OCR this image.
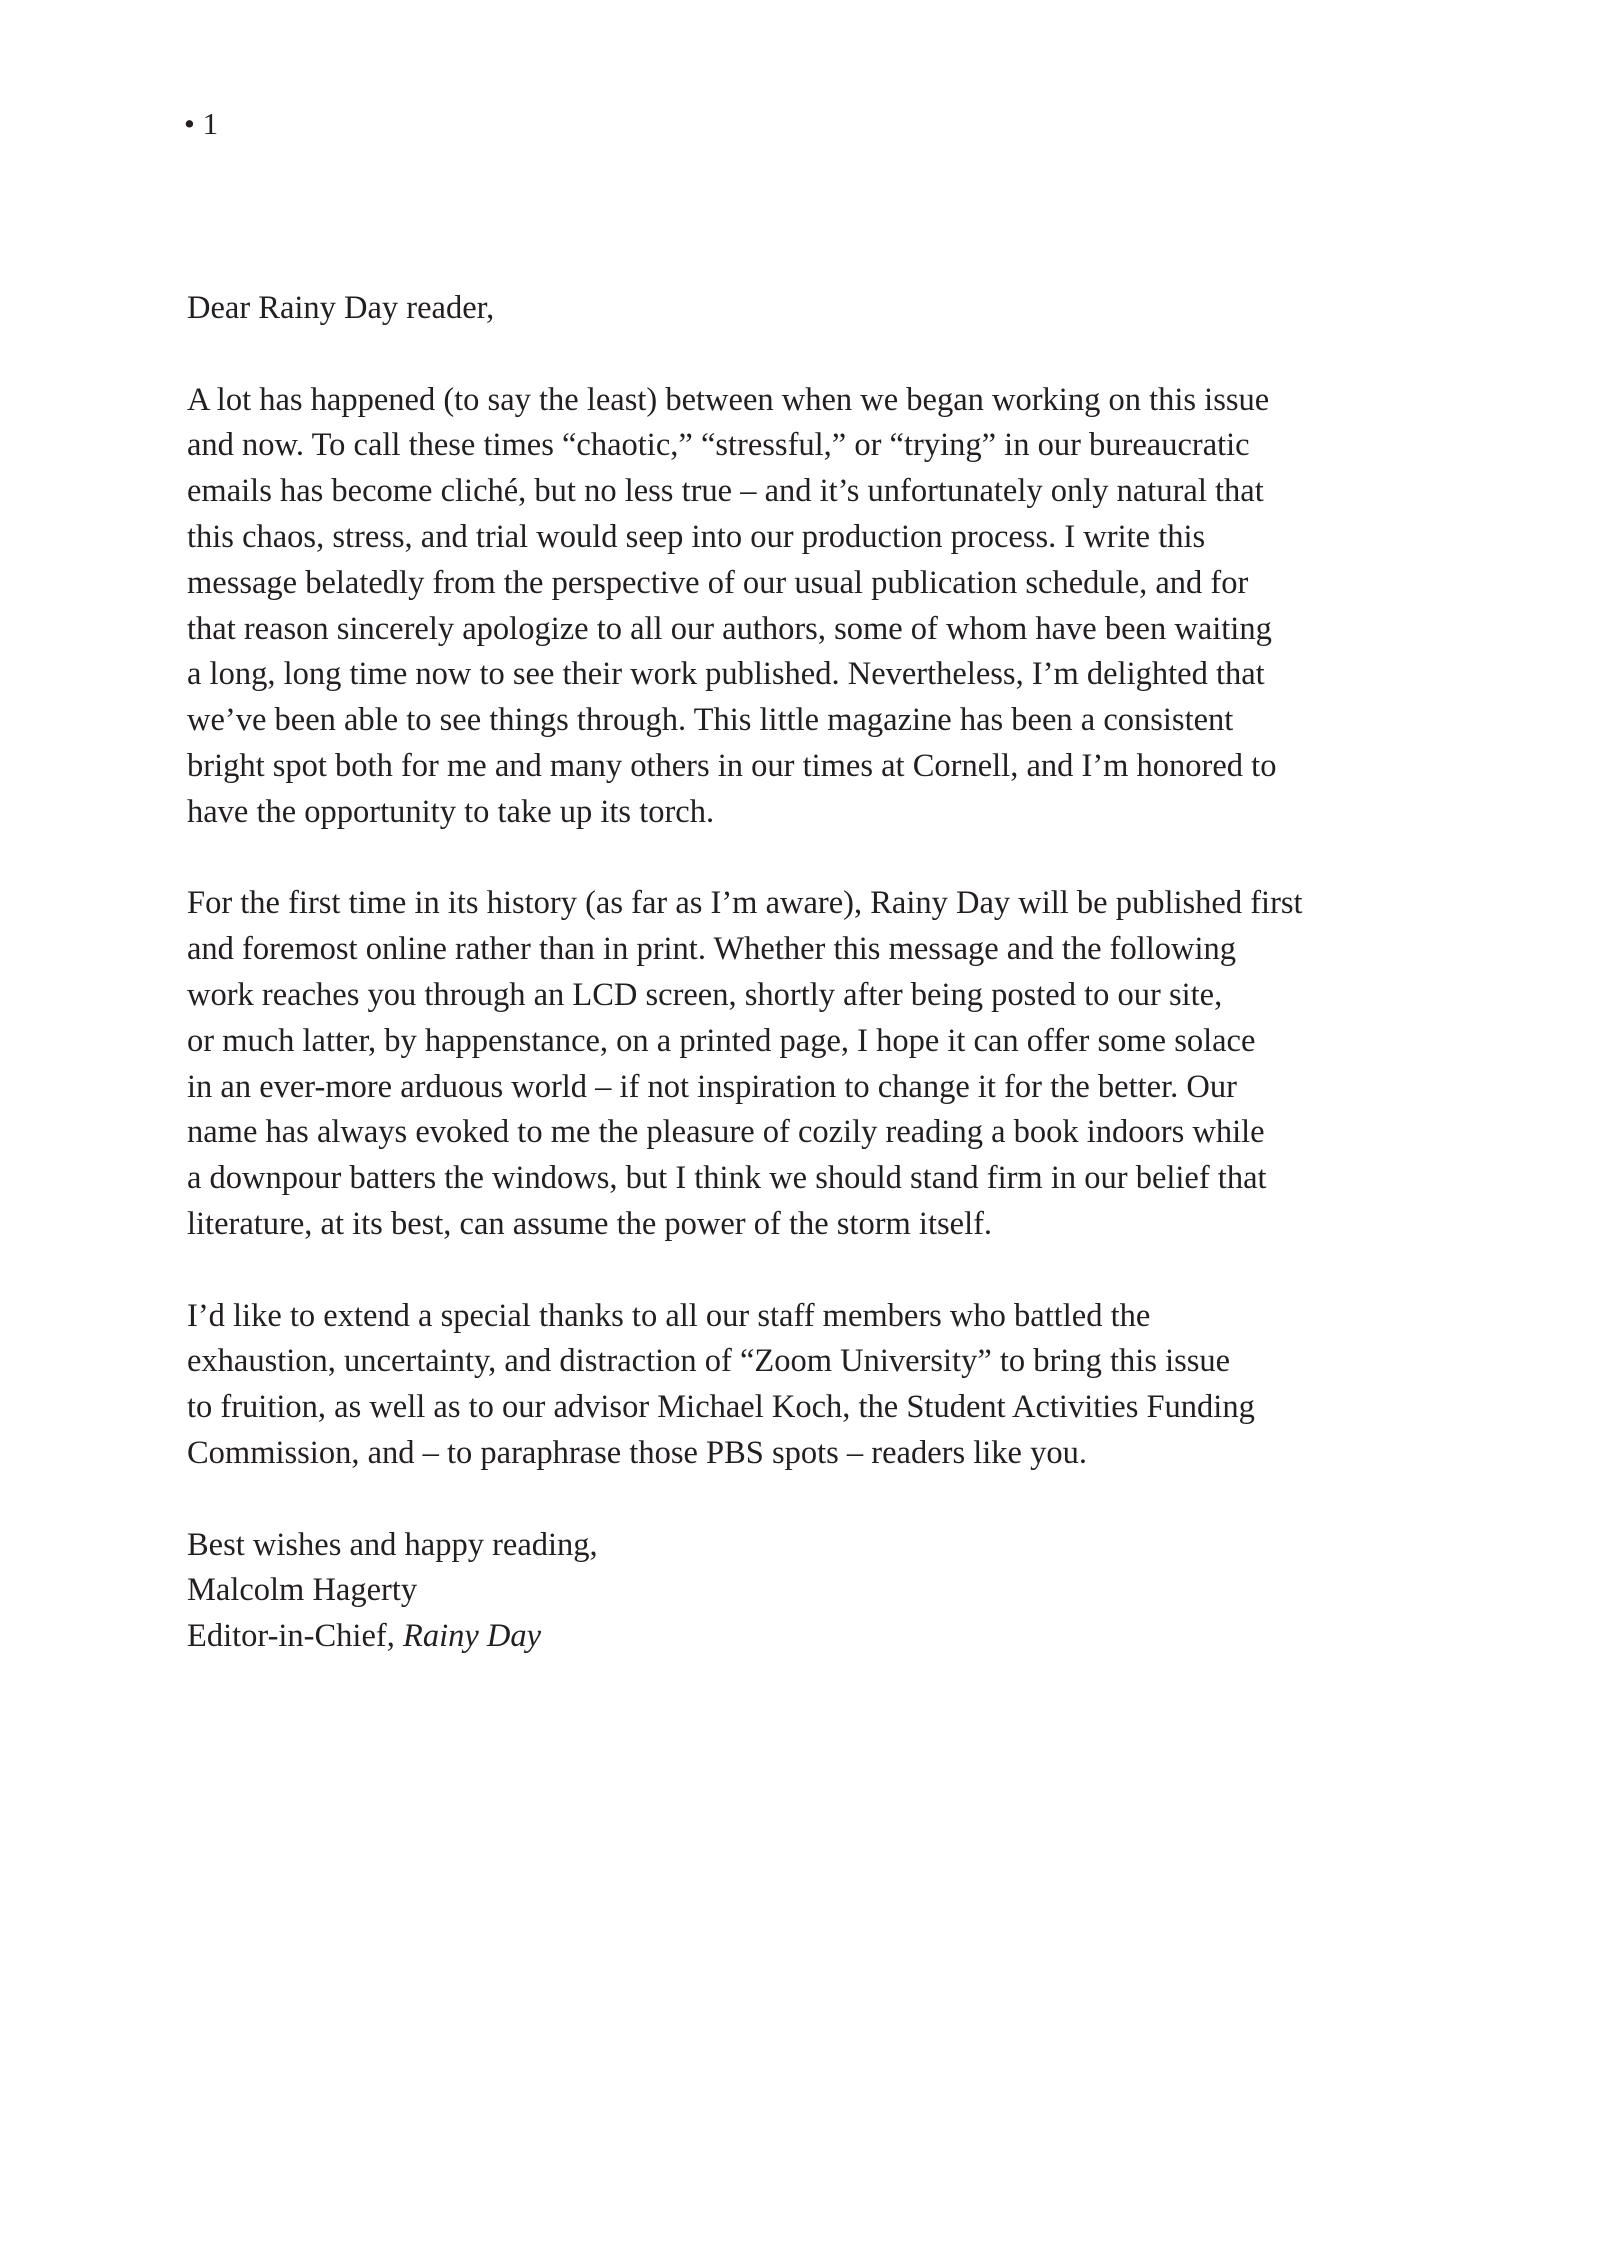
• 1
Dear Rainy Day reader,
A lot has happened (to say the least) between when we began working on this issue
and now. To call these times “chaotic,” “stressful,” or “trying” in our bureaucratic
emails has become cliché, but no less true – and it’s unfortunately only natural that
this chaos, stress, and trial would seep into our production process. I write this
message belatedly from the perspective of our usual publication schedule, and for
that reason sincerely apologize to all our authors, some of whom have been waiting
a long, long time now to see their work published. Nevertheless, I’m delighted that
we’ve been able to see things through. This little magazine has been a consistent
bright spot both for me and many others in our times at Cornell, and I’m honored to
have the opportunity to take up its torch.
For the first time in its history (as far as I’m aware), Rainy Day will be published first
and foremost online rather than in print. Whether this message and the following
work reaches you through an LCD screen, shortly after being posted to our site,
or much latter, by happenstance, on a printed page, I hope it can offer some solace
in an ever-more arduous world – if not inspiration to change it for the better. Our
name has always evoked to me the pleasure of cozily reading a book indoors while
a downpour batters the windows, but I think we should stand firm in our belief that
literature, at its best, can assume the power of the storm itself.
I’d like to extend a special thanks to all our staff members who battled the
exhaustion, uncertainty, and distraction of “Zoom University” to bring this issue
to fruition, as well as to our advisor Michael Koch, the Student Activities Funding
Commission, and – to paraphrase those PBS spots – readers like you.
Best wishes and happy reading,
Malcolm Hagerty
Editor-in-Chief, Rainy Day
